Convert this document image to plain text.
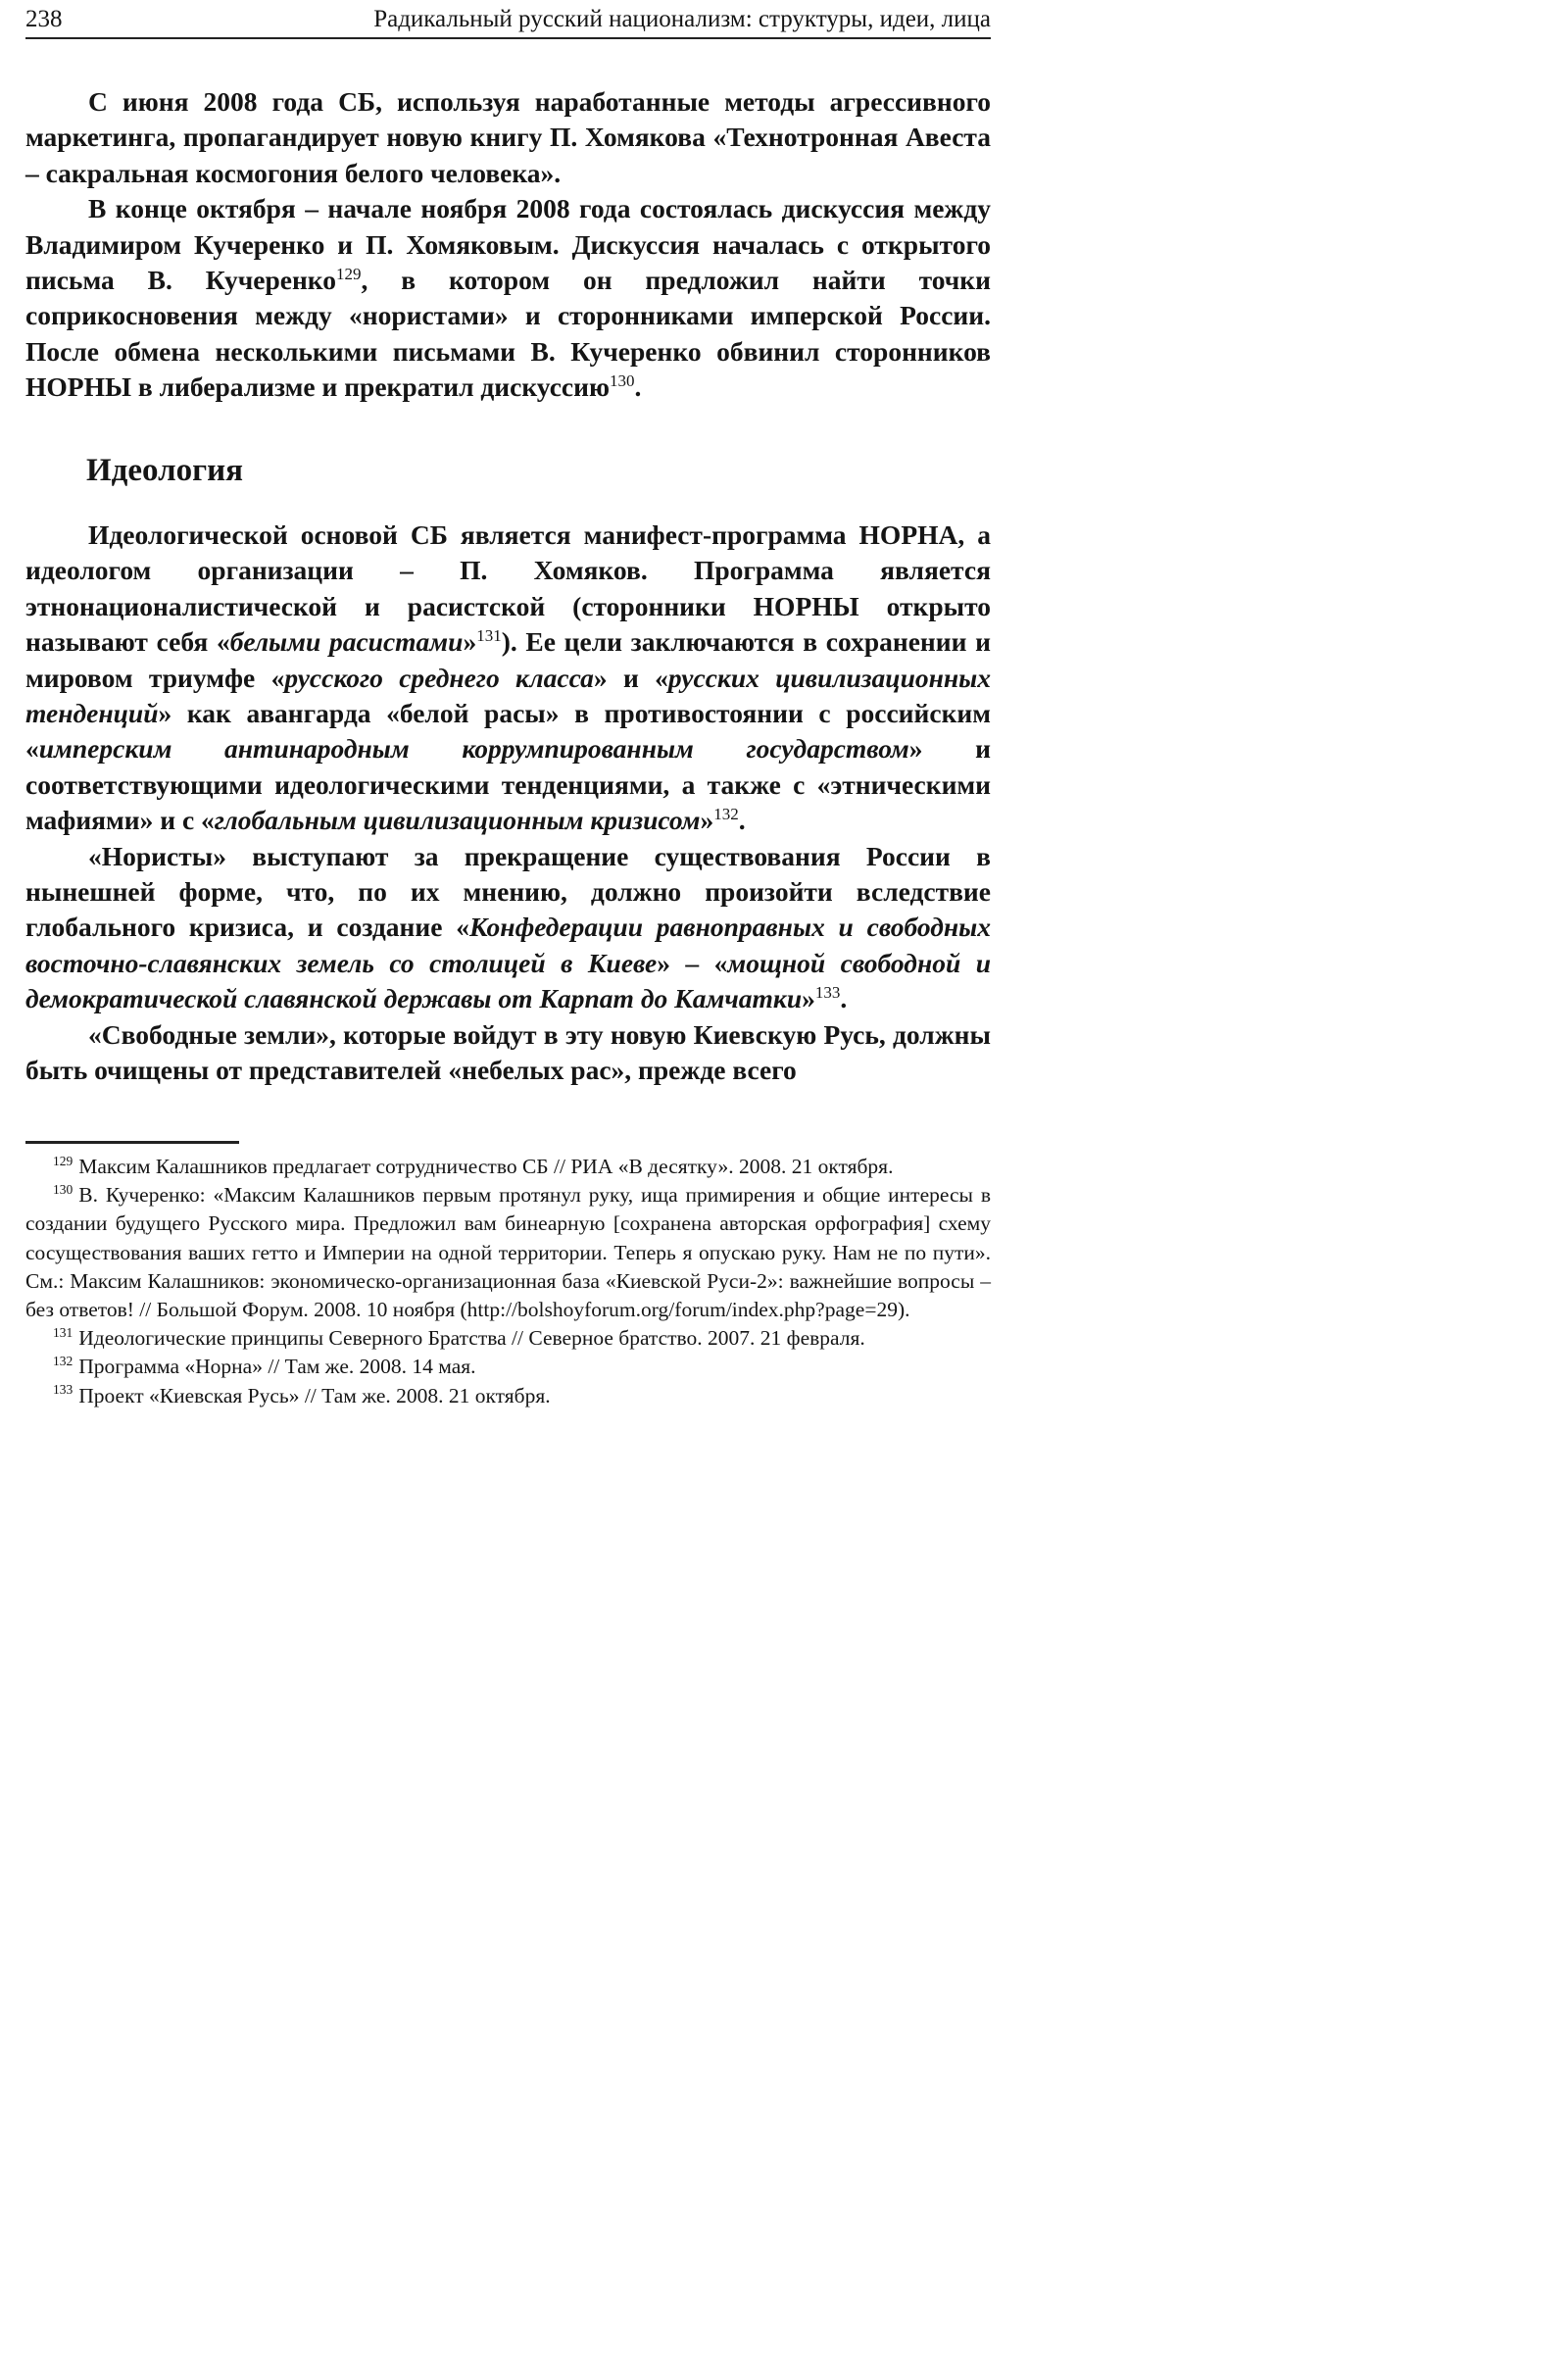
238	Радикальный русский национализм: структуры, идеи, лица

С июня 2008 года СБ, используя наработанные методы агрессивного маркетинга, пропагандирует новую книгу П. Хомякова «Технотронная Авеста – сакральная космогония белого человека».

В конце октября – начале ноября 2008 года состоялась дискуссия между Владимиром Кучеренко и П. Хомяковым. Дискуссия началась с открытого письма В. Кучеренко$^{129}$, в котором он предложил найти точки соприкосновения между «нористами» и сторонниками имперской России. После обмена несколькими письмами В. Кучеренко обвинил сторонников НОРНЫ в либерализме и прекратил дискуссию$^{130}$.

Идеология

Идеологической основой СБ является манифест-программа НОРНА, а идеологом организации – П. Хомяков. Программа является этнонационалистической и расистской (сторонники НОРНЫ открыто называют себя «белыми расистами»$^{131}$). Ее цели заключаются в сохранении и мировом триумфе «русского среднего класса» и «русских цивилизационных тенденций» как авангарда «белой расы» в противостоянии с российским «имперским антинародным коррумпированным государством» и соответствующими идеологическими тенденциями, а также с «этническими мафиями» и с «глобальным цивилизационным кризисом»$^{132}$.

«Нористы» выступают за прекращение существования России в нынешней форме, что, по их мнению, должно произойти вследствие глобального кризиса, и создание «Конфедерации равноправных и свободных восточно-славянских земель со столицей в Киеве» – «мощной свободной и демократической славянской державы от Карпат до Камчатки»$^{133}$.

«Свободные земли», которые войдут в эту новую Киевскую Русь, должны быть очищены от представителей «небелых рас», прежде всего

$^{129}$ Максим Калашников предлагает сотрудничество СБ // РИА «В десятку». 2008. 21 октября.

$^{130}$ В. Кучеренко: «Максим Калашников первым протянул руку, ища примирения и общие интересы в создании будущего Русского мира. Предложил вам бинеарную [сохранена авторская орфография] схему сосуществования ваших гетто и Империи на одной территории. Теперь я опускаю руку. Нам не по пути». См.: Максим Калашников: экономическо-организационная база «Киевской Руси-2»: важнейшие вопросы – без ответов! // Большой Форум. 2008. 10 ноября (http://bolshoyforum.org/forum/index.php?page=29).

$^{131}$ Идеологические принципы Северного Братства // Северное братство. 2007. 21 февраля.

$^{132}$ Программа «Норна» // Там же. 2008. 14 мая.

$^{133}$ Проект «Киевская Русь» // Там же. 2008. 21 октября.
